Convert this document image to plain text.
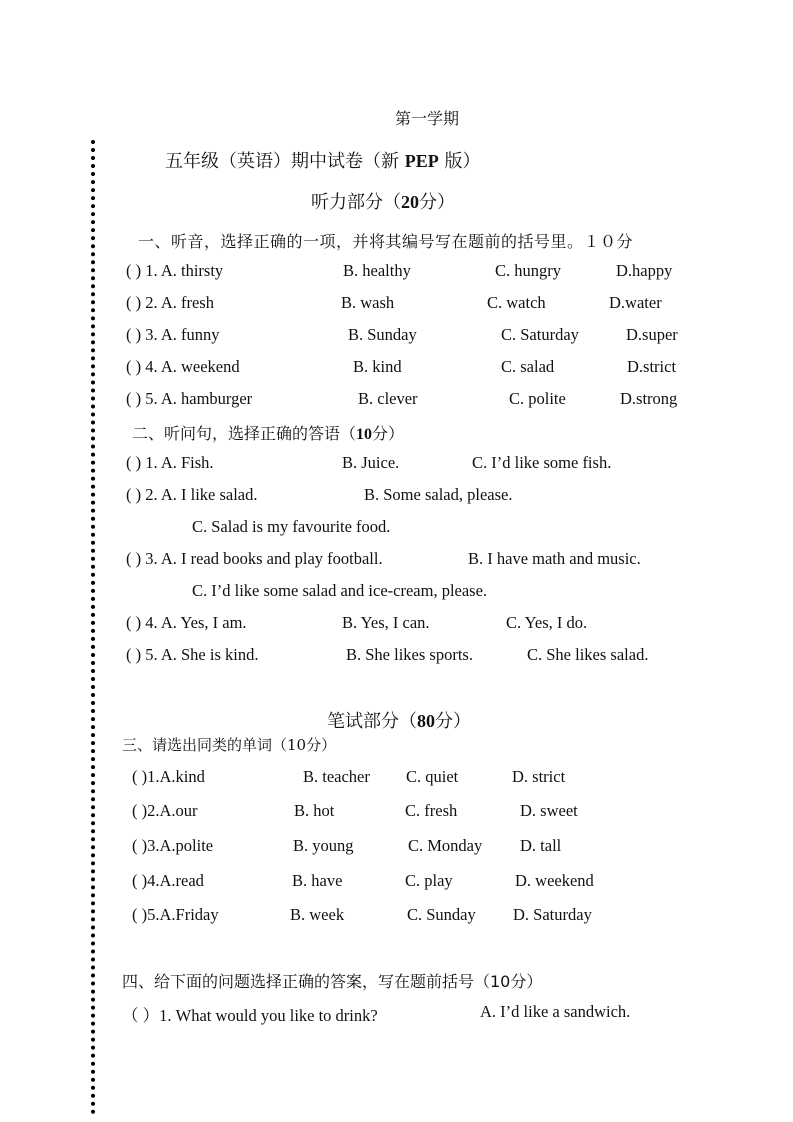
第一学期
五年级（英语）期中试卷（新 PEP 版）
听力部分（20分）
一、听音，选择正确的一项，并将其编号写在题前的括号里。１０分
( ) 1. A. thirsty	B. healthy	C. hungry	D.happy
( ) 2. A. fresh	B. wash	C. watch	D.water
( ) 3. A. funny	B. Sunday	C. Saturday	D.super
( ) 4. A. weekend	B. kind	C. salad	D.strict
( ) 5. A. hamburger	B. clever	C. polite	D.strong
二、听问句，选择正确的答语（10分）
( ) 1. A. Fish.	B. Juice.	C. I’d like some fish.
( ) 2. A. I like salad.	B. Some salad, please.
C. Salad is my favourite food.
( ) 3. A. I read books and play football.	B. I have math and music.
C. I’d like some salad and ice-cream, please.
( ) 4. A. Yes, I am.	B. Yes, I can.	C. Yes, I do.
( ) 5. A. She is kind.	B. She likes sports.	C. She likes salad.
笔试部分（80分）
三、请选出同类的单词（10分）
( )1.A.kind	B. teacher C. quiet	D. strict
( )2.A.our	B. hot	C. fresh	D. sweet
( )3.A.polite	B. young	C. Monday D. tall
( )4.A.read	B. have	C. play	D. weekend
( )5.A.Friday	B. week	C. Sunday D. Saturday
四、给下面的问题选择正确的答案，写在题前括号（10分）
（ ）1. What would you like to drink?	A. I’d like a sandwich.
